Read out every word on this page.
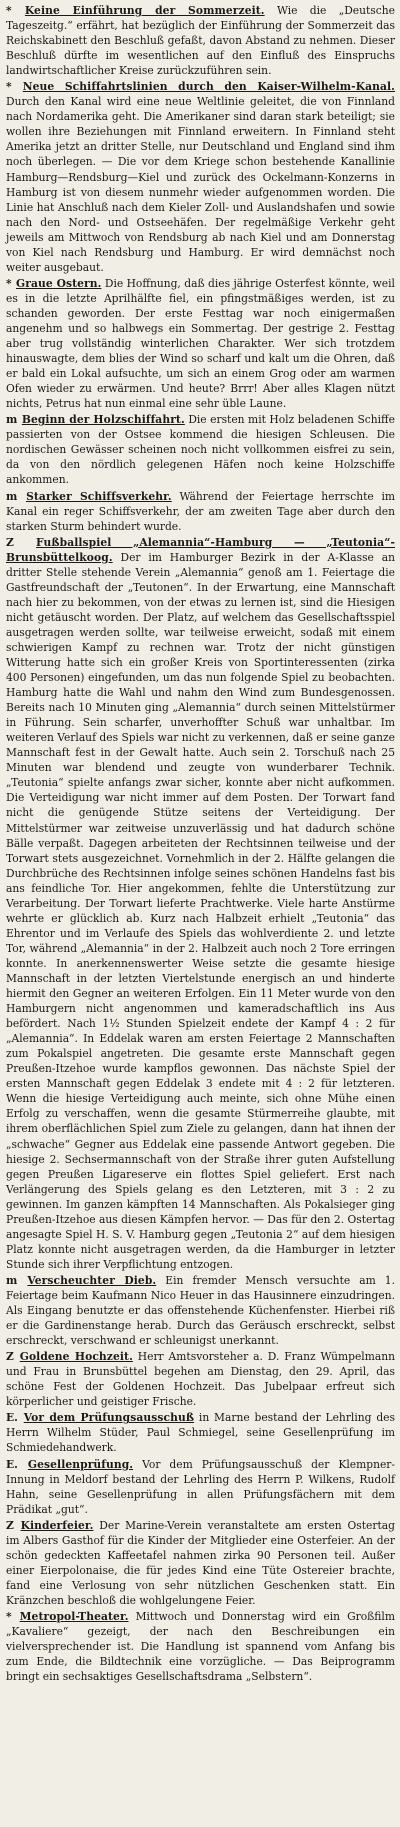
* Keine Einführung der Sommerzeit. Wie die „Deutsche Tageszeitg.“ erfährt, hat bezüglich der Einführung der Sommerzeit das Reichskabinett den Beschluß gefaßt, davon Abstand zu nehmen. Dieser Beschluß dürfte im wesentlichen auf den Einfluß des Einspruchs landwirtschaftlicher Kreise zurückzuführen sein.

* Neue Schiffahrtslinien durch den Kaiser-Wilhelm-Kanal. Durch den Kanal wird eine neue Weltlinie geleitet, die von Finnland nach Nordamerika geht. Die Amerikaner sind daran stark beteiligt; sie wollen ihre Beziehungen mit Finnland erweitern. In Finnland steht Amerika jetzt an dritter Stelle, nur Deutschland und England sind ihm noch überlegen. — Die vor dem Kriege schon bestehende Kanallinie Hamburg—Rendsburg—Kiel und zurück des Ockelmann-Konzerns in Hamburg ist von diesem nunmehr wieder aufgenommen worden. Die Linie hat Anschluß nach dem Kieler Zoll- und Auslandshafen und sowie nach den Nord- und Ostseehäfen. Der regelmäßige Verkehr geht jeweils am Mittwoch von Rendsburg ab nach Kiel und am Donnerstag von Kiel nach Rendsburg und Hamburg. Er wird demnächst noch weiter ausgebaut.

* Graue Ostern. Die Hoffnung, daß dies jährige Osterfest könnte, weil es in die letzte Aprilhälfte fiel, ein pfingstmäßiges werden, ist zu schanden geworden. Der erste Festtag war noch einigermaßen angenehm und so halbwegs ein Sommertag. Der gestrige 2. Festtag aber trug vollständig winterlichen Charakter. Wer sich trotzdem hinauswagte, dem blies der Wind so scharf und kalt um die Ohren, daß er bald ein Lokal aufsuchte, um sich an einem Grog oder am warmen Ofen wieder zu erwärmen. Und heute? Brrr! Aber alles Klagen nützt nichts, Petrus hat nun einmal eine sehr üble Laune.

m Beginn der Holzschiffahrt. Die ersten mit Holz beladenen Schiffe passierten von der Ostsee kommend die hiesigen Schleusen. Die nordischen Gewässer scheinen noch nicht vollkommen eisfrei zu sein, da von den nördlich gelegenen Häfen noch keine Holzschiffe ankommen.

m Starker Schiffsverkehr. Während der Feiertage herrschte im Kanal ein reger Schiffsverkehr, der am zweiten Tage aber durch den starken Sturm behindert wurde.

Z Fußballspiel „Alemannia“-Hamburg — „Teutonia“-Brunsbüttelkoog. Der im Hamburger Bezirk in der A-Klasse an dritter Stelle stehende Verein „Alemannia“ genoß am 1. Feiertage die Gastfreundschaft der „Teutonen“. In der Erwartung, eine Mannschaft nach hier zu bekommen, von der etwas zu lernen ist, sind die Hiesigen nicht getäuscht worden. Der Platz, auf welchem das Gesellschaftsspiel ausgetragen werden sollte, war teilweise erweicht, sodaß mit einem schwierigen Kampf zu rechnen war. Trotz der nicht günstigen Witterung hatte sich ein großer Kreis von Sportinteressenten (zirka 400 Personen) eingefunden, um das nun folgende Spiel zu beobachten. Hamburg hatte die Wahl und nahm den Wind zum Bundesgenossen. Bereits nach 10 Minuten ging „Alemannia“ durch seinen Mittelstürmer in Führung. Sein scharfer, unverhoffter Schuß war unhaltbar. Im weiteren Verlauf des Spiels war nicht zu verkennen, daß er seine ganze Mannschaft fest in der Gewalt hatte. Auch sein 2. Torschuß nach 25 Minuten war blendend und zeugte von wunderbarer Technik. „Teutonia“ spielte anfangs zwar sicher, konnte aber nicht aufkommen. Die Verteidigung war nicht immer auf dem Posten. Der Torwart fand nicht die genügende Stütze seitens der Verteidigung. Der Mittelstürmer war zeitweise unzuverlässig und hat dadurch schöne Bälle verpaßt. Dagegen arbeiteten der Rechtsinnen teilweise und der Torwart stets ausgezeichnet. Vornehmlich in der 2. Hälfte gelangen die Durchbrüche des Rechtsinnen infolge seines schönen Handelns fast bis ans feindliche Tor. Hier angekommen, fehlte die Unterstützung zur Verarbeitung. Der Torwart lieferte Prachtwerke. Viele harte Anstürme wehrte er glücklich ab. Kurz nach Halbzeit erhielt „Teutonia“ das Ehrentor und im Verlaufe des Spiels das wohlverdiente 2. und letzte Tor, während „Alemannia“ in der 2. Halbzeit auch noch 2 Tore erringen konnte. In anerkennenswerter Weise setzte die gesamte hiesige Mannschaft in der letzten Viertelstunde energisch an und hinderte hiermit den Gegner an weiteren Erfolgen. Ein 11 Meter wurde von den Hamburgern nicht angenommen und kameradschaftlich ins Aus befördert. Nach 1½ Stunden Spielzeit endete der Kampf 4 : 2 für „Alemannia“. In Eddelak waren am ersten Feiertage 2 Mannschaften zum Pokalspiel angetreten. Die gesamte erste Mannschaft gegen Preußen-Itzehoe wurde kampflos gewonnen. Das nächste Spiel der ersten Mannschaft gegen Eddelak 3 endete mit 4 : 2 für letzteren. Wenn die hiesige Verteidigung auch meinte, sich ohne Mühe einen Erfolg zu verschaffen, wenn die gesamte Stürmerreihe glaubte, mit ihrem oberflächlichen Spiel zum Ziele zu gelangen, dann hat ihnen der „schwache“ Gegner aus Eddelak eine passende Antwort gegeben. Die hiesige 2. Sechsermannschaft von der Straße ihrer guten Aufstellung gegen Preußen Ligareserve ein flottes Spiel geliefert. Erst nach Verlängerung des Spiels gelang es den Letzteren, mit 3 : 2 zu gewinnen. Im ganzen kämpften 14 Mannschaften. Als Pokalsieger ging Preußen-Itzehoe aus diesen Kämpfen hervor. — Das für den 2. Ostertag angesagte Spiel H. S. V. Hamburg gegen „Teutonia 2“ auf dem hiesigen Platz konnte nicht ausgetragen werden, da die Hamburger in letzter Stunde sich ihrer Verpflichtung entzogen.

m Verscheuchter Dieb. Ein fremder Mensch versuchte am 1. Feiertage beim Kaufmann Nico Heuer in das Hausinnere einzudringen. Als Eingang benutzte er das offenstehende Küchenfenster. Hierbei riß er die Gardinenstange herab. Durch das Geräusch erschreckt, selbst erschreckt, verschwand er schleunigst unerkannt.

Z Goldene Hochzeit. Herr Amtsvorsteher a. D. Franz Wümpelmann und Frau in Brunsbüttel begehen am Dienstag, den 29. April, das schöne Fest der Goldenen Hochzeit. Das Jubelpaar erfreut sich körperlicher und geistiger Frische.

E. Vor dem Prüfungsausschuß in Marne bestand der Lehrling des Herrn Wilhelm Stüder, Paul Schmiegel, seine Gesellenprüfung im Schmiedehandwerk.

E. Gesellenprüfung. Vor dem Prüfungsausschuß der Klempner-Innung in Meldorf bestand der Lehrling des Herrn P. Wilkens, Rudolf Hahn, seine Gesellenprüfung in allen Prüfungsfächern mit dem Prädikat „gut“.

Z Kinderfeier. Der Marine-Verein veranstaltete am ersten Ostertag im Albers Gasthof für die Kinder der Mitglieder eine Osterfeier. An der schön gedeckten Kaffeetafel nahmen zirka 90 Personen teil. Außer einer Eierpolonaise, die für jedes Kind eine Tüte Ostereier brachte, fand eine Verlosung von sehr nützlichen Geschenken statt. Ein Kränzchen beschloß die wohlgelungene Feier.

* Metropol-Theater. Mittwoch und Donnerstag wird ein Großfilm „Kavaliere“ gezeigt, der nach den Beschreibungen ein vielversprechender ist. Die Handlung ist spannend vom Anfang bis zum Ende, die Bildtechnik eine vorzügliche. — Das Beiprogramm bringt ein sechsaktiges Gesellschaftsdrama „Selbstern“.
